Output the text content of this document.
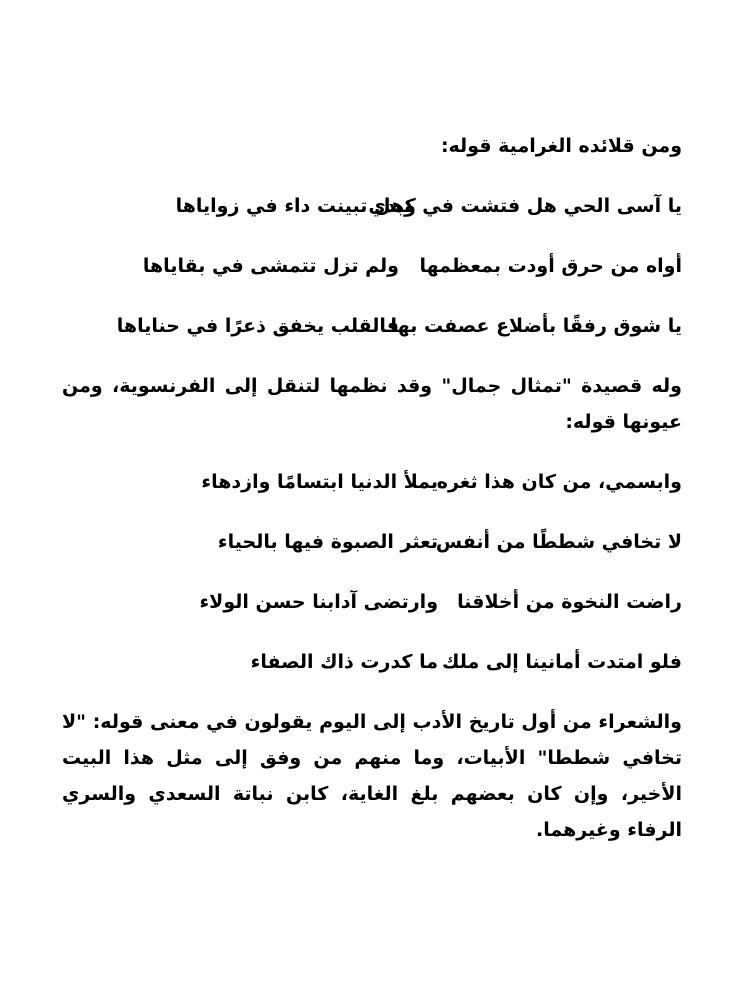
ومن قلائده الغرامية قوله:

يا آسى الحي هل فتشت في كبديوهل تبينت داء في زواياها
أواه من حرق أودت بمعظمهاولم تزل تتمشى في بقاياها
يا شوق رفقًا بأضلاع عصفت بهافالقلب يخفق ذعرًا في حناياها

وله قصيدة "تمثال جمال" وقد نظمها لتنقل إلى الفرنسوية، ومن عيونها قوله:

وابسمي، من كان هذا ثغرهيملأ الدنيا ابتسامًا وازدهاء
لا تخافي شططًا من أنفستعثر الصبوة فيها بالحياء
راضت النخوة من أخلاقناوارتضى آدابنا حسن الولاء
فلو امتدت أمانينا إلى ملكما كدرت ذاك الصفاء

والشعراء من أول تاريخ الأدب إلى اليوم يقولون في معنى قوله: "لا تخافي شططا" الأبيات، وما منهم من وفق إلى مثل هذا البيت الأخير، وإن كان بعضهم بلغ الغاية، كابن نباتة السعدي والسري الرفاء وغيرهما.
